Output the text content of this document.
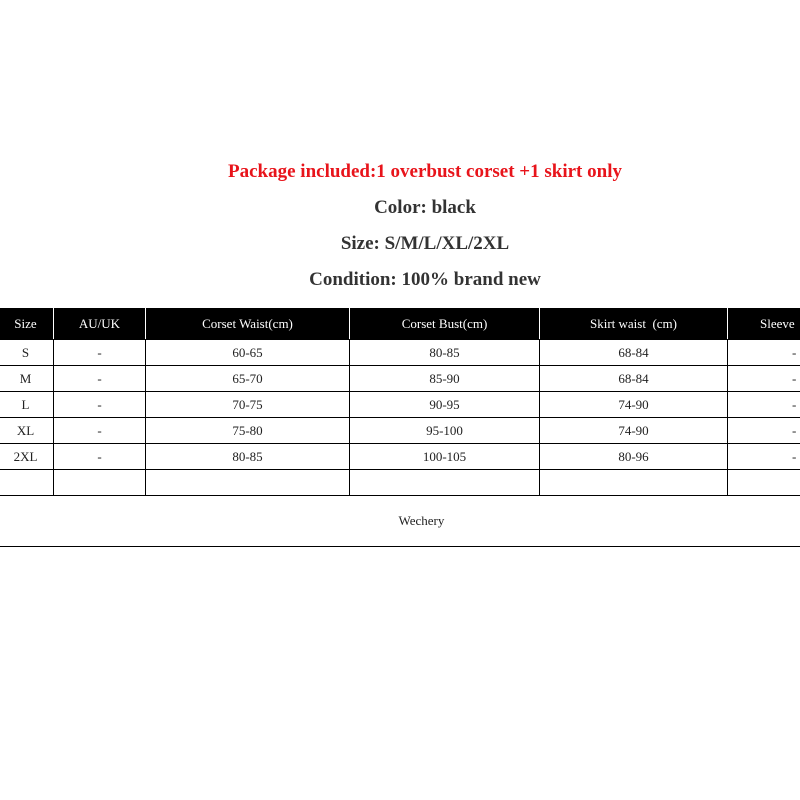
Package included:1 overbust corset +1 skirt only
Color: black
Size: S/M/L/XL/2XL
Condition: 100% brand new
Size	AU/UK	Corset Waist(cm)	Corset Bust(cm)	Skirt waist  (cm)	Sleeve
S	-	60-65	80-85	68-84	-
M	-	65-70	85-90	68-84	-
L	-	70-75	90-95	74-90	-
XL	-	75-80	95-100	74-90	-
2XL	-	80-85	100-105	80-96	-

Wechery					
